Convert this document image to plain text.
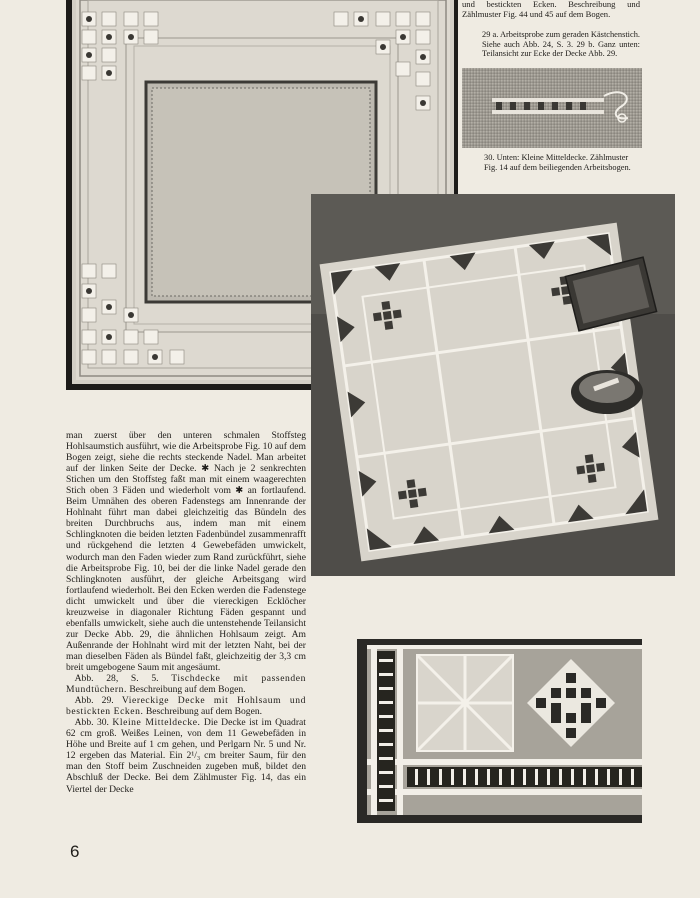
und bestickten Ecken. Beschreibung und Zählmuster Fig. 44 und 45 auf dem Bogen.
29 a. Arbeitsprobe zum geraden Kästchenstich. Siehe auch Abb. 24, S. 3. 29 b. Ganz unten: Teilansicht zur Ecke der Decke Abb. 29.
30. Unten: Kleine Mitteldecke. Zählmuster Fig. 14 auf dem beiliegenden Arbeitsbogen.

man zuerst über den unteren schmalen Stoffsteg Hohlsaumstich ausführt, wie die Arbeitsprobe Fig. 10 auf dem Bogen zeigt, siehe die rechts steckende Nadel. Man arbeitet auf der linken Seite der Decke. ✱ Nach je 2 senkrechten Stichen um den Stoffsteg faßt man mit einem waagerechten Stich oben 3 Fäden und wiederholt vom ✱ an fortlaufend. Beim Umnähen des oberen Fadenstegs am Innenrande der Hohlnaht führt man dabei gleichzeitig das Bündeln des breiten Durchbruchs aus, indem man mit einem Schlingknoten die beiden letzten Fadenbündel zusammenrafft und rückgehend die letzten 4 Gewebefäden umwickelt, wodurch man den Faden wieder zum Rand zurückführt, siehe die Arbeitsprobe Fig. 10, bei der die linke Nadel gerade den Schlingknoten ausführt, der gleiche Arbeitsgang wird fortlaufend wiederholt. Bei den Ecken werden die Fadenstege dicht umwickelt und über die viereckigen Ecklöcher kreuzweise in diagonaler Richtung Fäden gespannt und ebenfalls umwickelt, siehe auch die untenstehende Teilansicht zur Decke Abb. 29, die ähnlichen Hohlsaum zeigt. Am Außenrande der Hohlnaht wird mit der letzten Naht, bei der man dieselben Fäden als Bündel faßt, gleichzeitig der 3,3 cm breit umgebogene Saum mit angesäumt.

Abb. 28, S. 5. Tischdecke mit passenden Mundtüchern. Beschreibung auf dem Bogen.

Abb. 29. Viereckige Decke mit Hohlsaum und bestickten Ecken. Beschreibung auf dem Bogen.

Abb. 30. Kleine Mitteldecke. Die Decke ist im Quadrat 62 cm groß. Weißes Leinen, von dem 11 Gewebefäden in Höhe und Breite auf 1 cm gehen, und Perlgarn Nr. 5 und Nr. 12 ergeben das Material. Ein 2¹/₃ cm breiter Saum, für den man den Stoff beim Zuschneiden zugeben muß, bildet den Abschluß der Decke. Bei dem Zählmuster Fig. 14, das ein Viertel der Decke

6
